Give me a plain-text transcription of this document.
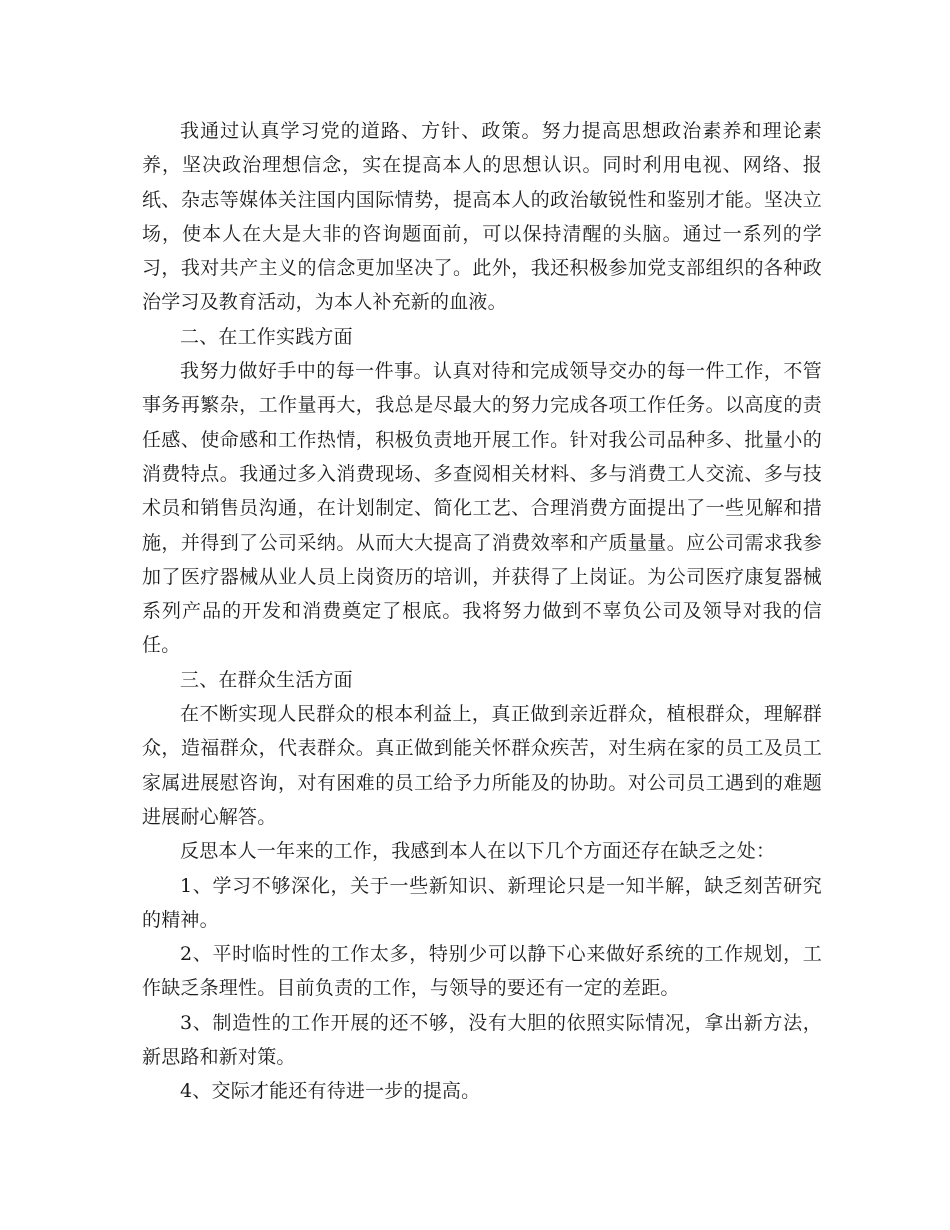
我通过认真学习党的道路、方针、政策。努力提高思想政治素养和理论素养，坚决政治理想信念，实在提高本人的思想认识。同时利用电视、网络、报纸、杂志等媒体关注国内国际情势，提高本人的政治敏锐性和鉴别才能。坚决立场，使本人在大是大非的咨询题面前，可以保持清醒的头脑。通过一系列的学习，我对共产主义的信念更加坚决了。此外，我还积极参加党支部组织的各种政治学习及教育活动，为本人补充新的血液。

二、在工作实践方面

我努力做好手中的每一件事。认真对待和完成领导交办的每一件工作，不管事务再繁杂，工作量再大，我总是尽最大的努力完成各项工作任务。以高度的责任感、使命感和工作热情，积极负责地开展工作。针对我公司品种多、批量小的消费特点。我通过多入消费现场、多查阅相关材料、多与消费工人交流、多与技术员和销售员沟通，在计划制定、简化工艺、合理消费方面提出了一些见解和措施，并得到了公司采纳。从而大大提高了消费效率和产质量量。应公司需求我参加了医疗器械从业人员上岗资历的培训，并获得了上岗证。为公司医疗康复器械系列产品的开发和消费奠定了根底。我将努力做到不辜负公司及领导对我的信任。

三、在群众生活方面

在不断实现人民群众的根本利益上，真正做到亲近群众，植根群众，理解群众，造福群众，代表群众。真正做到能关怀群众疾苦，对生病在家的员工及员工家属进展慰咨询，对有困难的员工给予力所能及的协助。对公司员工遇到的难题进展耐心解答。

反思本人一年来的工作，我感到本人在以下几个方面还存在缺乏之处：

1、学习不够深化，关于一些新知识、新理论只是一知半解，缺乏刻苦研究的精神。

2、平时临时性的工作太多，特别少可以静下心来做好系统的工作规划，工作缺乏条理性。目前负责的工作，与领导的要还有一定的差距。

3、制造性的工作开展的还不够，没有大胆的依照实际情况，拿出新方法，新思路和新对策。

4、交际才能还有待进一步的提高。
